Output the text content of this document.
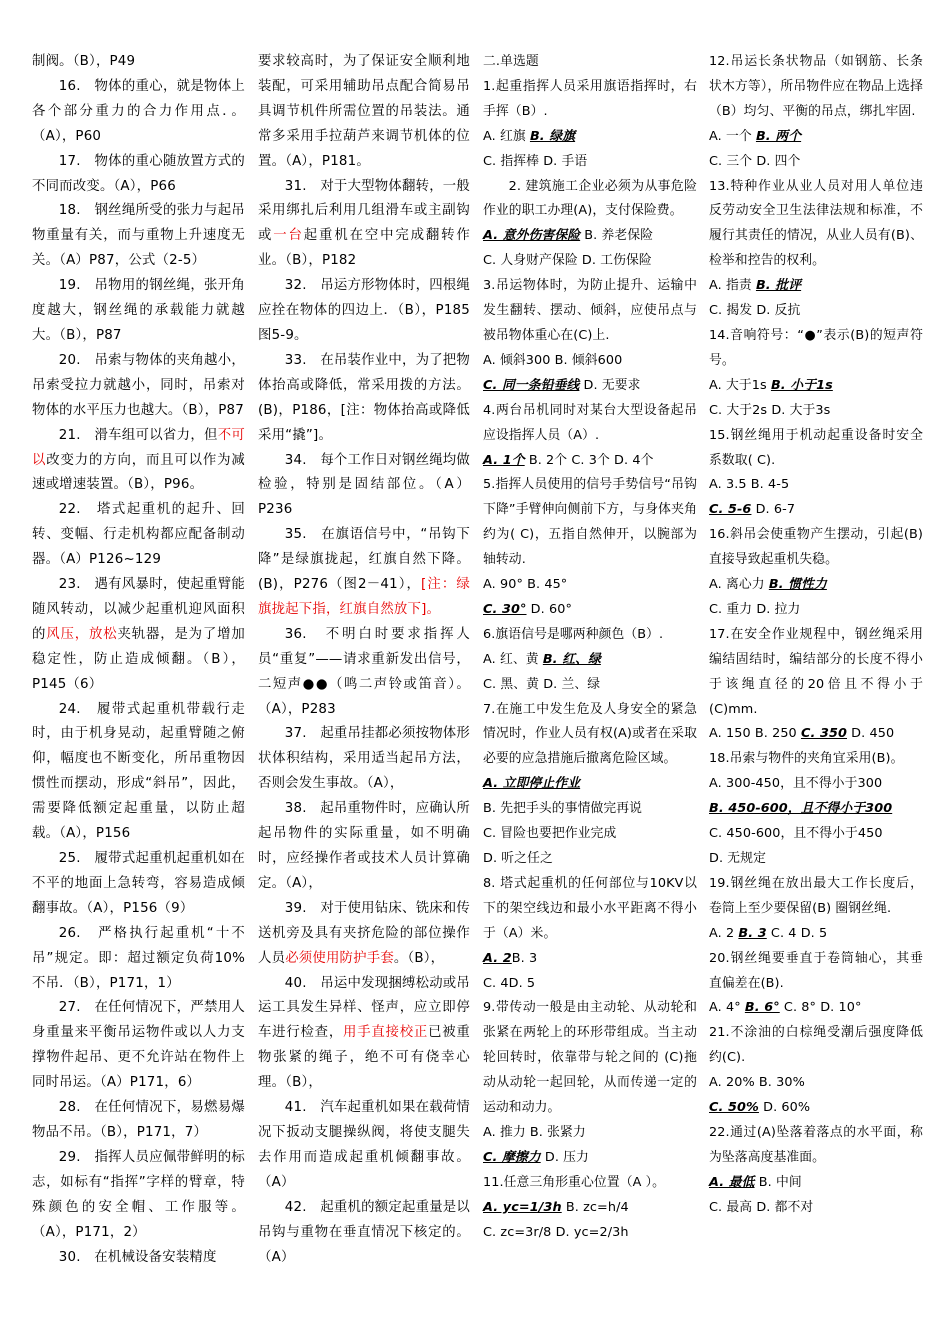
制阀。（B），P49

16.　物体的重心，就是物体上各个部分重力的合力作用点．。（A），P60

17.　物体的重心随放置方式的不同而改变。（A），P66

18.　钢丝绳所受的张力与起吊物重量有关，而与重物上升速度无关。（A）P87，公式（2-5）

19.　吊物用的钢丝绳，张开角度越大，钢丝绳的承载能力就越大。（B），P87

20.　吊索与物体的夹角越小，吊索受拉力就越小，同时，吊索对物体的水平压力也越大。（B），P87

21.　滑车组可以省力，但不可以改变力的方向，而且可以作为减速或增速装置。（B），P96。

22.　塔式起重机的起升、回转、变幅、行走机构都应配备制动器。（A）P126~129

23.　遇有风暴时，使起重臂能随风转动，以减少起重机迎风面积的风压，放松夹轨器，是为了增加稳定性，防止造成倾翻。（B），P145（6）

24.　履带式起重机带载行走时，由于机身晃动，起重臂随之俯仰，幅度也不断变化，所吊重物因惯性而摆动，形成“斜吊”，因此，需要降低额定起重量，以防止超载。（A），P156

25.　履带式起重机起重机如在不平的地面上急转弯，容易造成倾翻事故。（A），P156（9）

26.　严格执行起重机“十不吊”规定。即：超过额定负荷10%不吊．（B），P171，1）

27.　在任何情况下，严禁用人身重量来平衡吊运物件或以人力支撑物件起吊、更不允许站在物件上同时吊运。（A）P171，6）

28.　在任何情况下，易燃易爆物品不吊。（B），P171，7）

29.　指挥人员应佩带鲜明的标志，如标有“指挥”字样的臂章，特殊颜色的安全帽、工作服等。（A），P171，2）

30.　在机械设备安装精度

要求较高时，为了保证安全顺利地装配，可采用辅助吊点配合简易吊具调节机件所需位置的吊装法。通常多采用手拉葫芦来调节机体的位置。（A），P181。

31.　对于大型物体翻转，一般采用绑扎后利用几组滑车或主副钩或一台起重机在空中完成翻转作业。（B），P182

32.　吊运方形物体时，四根绳应拴在物体的四边上．（B），P185图5-9。

33.　在吊装作业中，为了把物体抬高或降低，常采用拨的方法。(B)，P186，[注：物体抬高或降低采用“撬”]。

34.　每个工作日对钢丝绳均做检验，特别是固结部位。（A）P236

35.　在旗语信号中，“吊钩下降”是绿旗拢起，红旗自然下降。(B)，P276（图2－41），[注：绿旗拢起下指，红旗自然放下]。

36.　不明白时要求指挥人员“重复”——请求重新发出信号，二短声●●（鸣二声铃或笛音）。（A），P283

37.　起重吊挂都必须按物体形状体积结构，采用适当起吊方法，否则会发生事故。（A），

38.　起吊重物件时，应确认所起吊物件的实际重量，如不明确时，应经操作者或技术人员计算确定。（A），

39.　对于使用钻床、铣床和传送机旁及具有夹挤危险的部位操作人员必须使用防护手套。（B），

40.　吊运中发现捆缚松动或吊运工具发生异样、怪声，应立即停车进行检查，用手直接校正已被重物张紧的绳子，绝不可有侥幸心理。（B），

41.　汽车起重机如果在载荷情况下扳动支腿操纵阀，将使支腿失去作用而造成起重机倾翻事故。（A）

42.　起重机的额定起重量是以吊钩与重物在垂直情况下核定的。（A）

二.单选题

1.起重指挥人员采用旗语指挥时，右手挥（B）.

A. 红旗 B. 绿旗

C. 指挥棒 D. 手语

2. 建筑施工企业必须为从事危险作业的职工办理(A)，支付保险费。

A. 意外伤害保险 B. 养老保险

C. 人身财产保险 D. 工伤保险

3.吊运物体时，为防止提升、运输中发生翻转、摆动、倾斜，应使吊点与被吊物体重心在(C)上.

A. 倾斜300 B. 倾斜600

C. 同一条铅垂线 D. 无要求

4.两台吊机同时对某台大型设备起吊应设指挥人员（A）.

A. 1个 B. 2个 C. 3个 D. 4个

5.指挥人员使用的信号手势信号“吊钩下降”手臂伸向侧前下方，与身体夹角约为( C)，五指自然伸开，以腕部为轴转动.

A. 90° B. 45°

C. 30° D. 60°

6.旗语信号是哪两种颜色（B）.

A. 红、黄 B. 红、绿

C. 黑、黄 D. 兰、绿

7.在施工中发生危及人身安全的紧急情况时，作业人员有权(A)或者在采取必要的应急措施后撤离危险区域。

A. 立即停止作业

B. 先把手头的事情做完再说

C. 冒险也要把作业完成

D. 听之任之

8. 塔式起重机的任何部位与10KV以下的架空线边和最小水平距离不得小于（A）米。

A. 2B. 3

C. 4D. 5

9.带传动一般是由主动轮、从动轮和张紧在两轮上的环形带组成。当主动轮回转时，依靠带与轮之间的 (C)拖动从动轮一起回轮，从而传递一定的运动和动力。

A. 推力 B. 张紧力

C. 摩擦力 D. 压力

11.任意三角形重心位置（A ）。

A. yc=1/3h B. zc=h/4

C. zc=3r/8 D. yc=2/3h

12.吊运长条状物品（如钢筋、长条状木方等），所吊物件应在物品上选择（B）均匀、平衡的吊点，绑扎牢固.

A. 一个 B. 两个

C. 三个 D. 四个

13.特种作业从业人员对用人单位违反劳动安全卫生法律法规和标准，不履行其责任的情况，从业人员有(B)、检举和控告的权利。

A. 指责 B. 批评

C. 揭发 D. 反抗

14.音响符号：“●”表示(B)的短声符号。

A. 大于1s B. 小于1s

C. 大于2s D. 大于3s

15.钢丝绳用于机动起重设备时安全系数取( C).

A. 3.5 B. 4-5

C. 5-6 D. 6-7

16.斜吊会使重物产生摆动，引起(B) 直接导致起重机失稳。

A. 离心力 B. 惯性力

C. 重力 D. 拉力

17.在安全作业规程中，钢丝绳采用编结固结时，编结部分的长度不得小于该绳直径的20倍且不得小于(C)mm.

A. 150 B. 250 C. 350 D. 450

18.吊索与物件的夹角宜采用(B)。

A. 300-450，且不得小于300

B. 450-600，且不得小于300

C. 450-600，且不得小于450

D. 无规定

19.钢丝绳在放出最大工作长度后，卷筒上至少要保留(B) 圈钢丝绳.

A. 2 B. 3 C. 4 D. 5

20.钢丝绳要垂直于卷筒轴心，其垂直偏差在(B).

A. 4° B. 6° C. 8° D. 10°

21.不涂油的白棕绳受潮后强度降低约(C).

A. 20% B. 30%

C. 50% D. 60%

22.通过(A)坠落着落点的水平面，称为坠落高度基准面。

A. 最低 B. 中间

C. 最高 D. 都不对
